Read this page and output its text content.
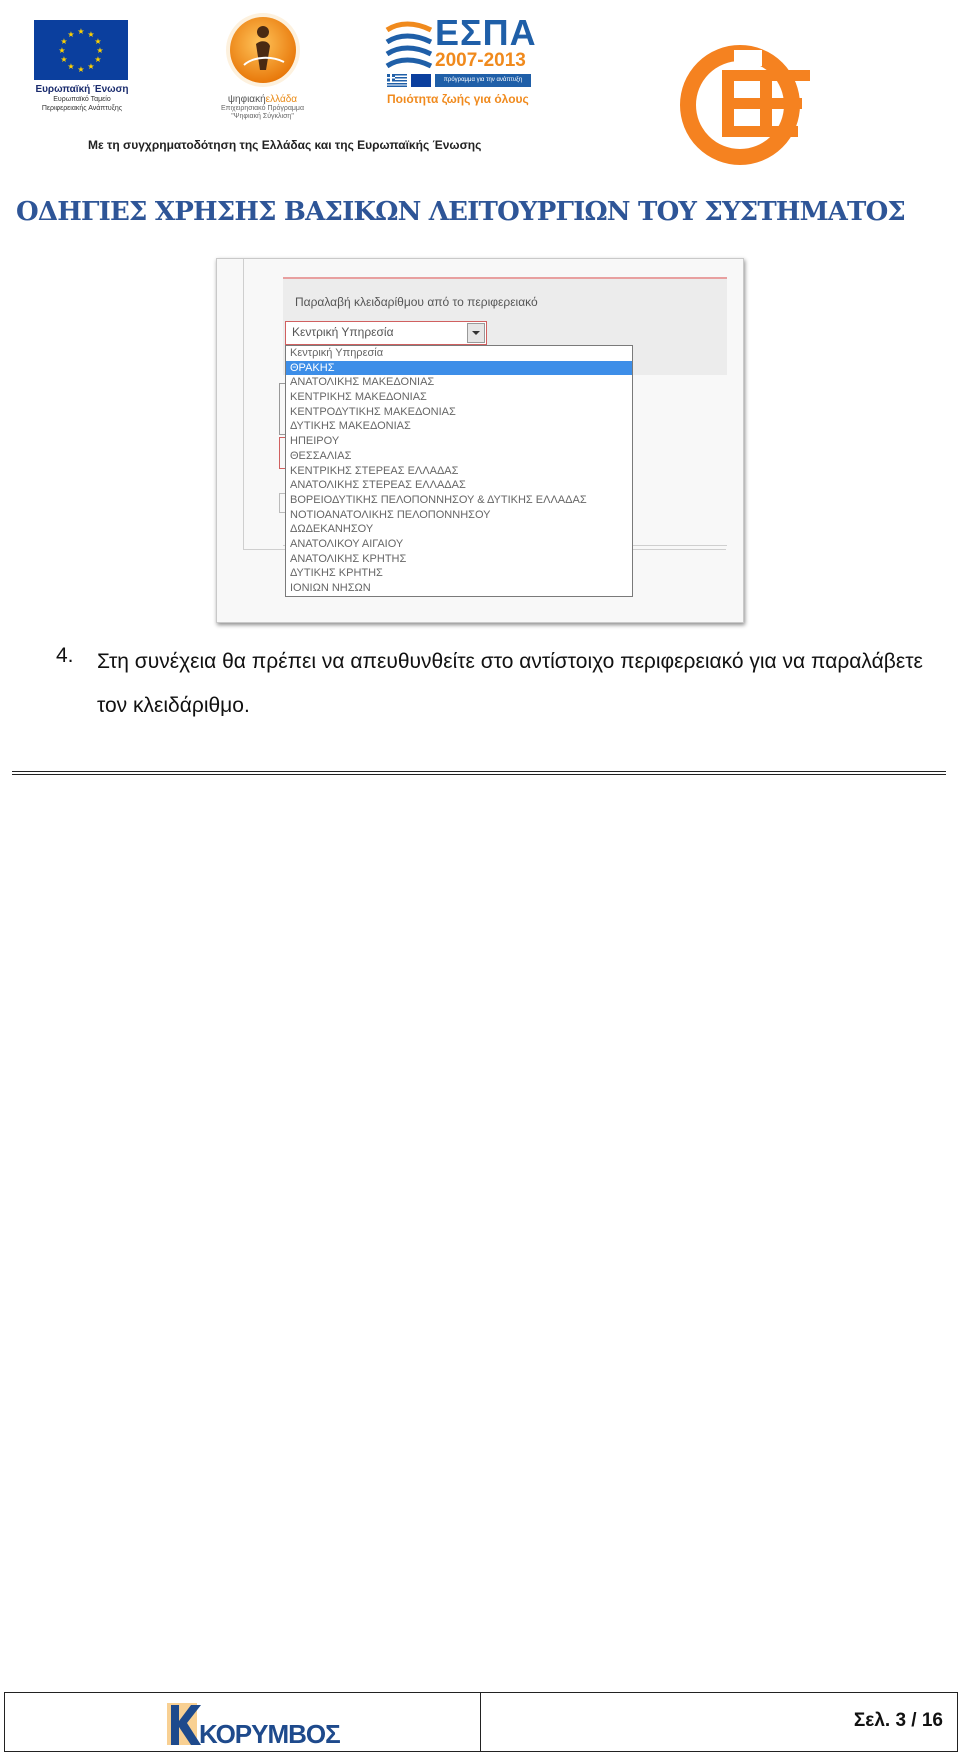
★ ★
★
★
★
★
★
★
★
★
★
★
Ευρωπαϊκή Ένωση
Ευρωπαϊκό Ταμείο
Περιφερειακής Ανάπτυξης
ψηφιακήελλάδα
Επιχειρησιακό Πρόγραμμα
"Ψηφιακή Σύγκλιση"
ΕΣΠΑ
2007-2013
πρόγραμμα για την ανάπτυξη
Ποιότητα ζωής για όλους
Με τη συγχρηματοδότηση της Ελλάδας και της Ευρωπαϊκής Ένωσης
ΟΔΗΓΙΕΣ ΧΡΗΣΗΣ ΒΑΣΙΚΩΝ ΛΕΙΤΟΥΡΓΙΩΝ ΤΟΥ ΣΥΣΤΗΜΑΤΟΣ
Παραλαβή κλειδαρίθμου από το περιφερειακό
Κεντρική Υπηρεσία
Κεντρική Υπηρεσία
ΘΡΑΚΗΣ
ΑΝΑΤΟΛΙΚΗΣ ΜΑΚΕΔΟΝΙΑΣ
ΚΕΝΤΡΙΚΗΣ ΜΑΚΕΔΟΝΙΑΣ
ΚΕΝΤΡΟΔΥΤΙΚΗΣ ΜΑΚΕΔΟΝΙΑΣ
ΔΥΤΙΚΗΣ ΜΑΚΕΔΟΝΙΑΣ
ΗΠΕΙΡΟΥ
ΘΕΣΣΑΛΙΑΣ
ΚΕΝΤΡΙΚΗΣ ΣΤΕΡΕΑΣ ΕΛΛΑΔΑΣ
ΑΝΑΤΟΛΙΚΗΣ ΣΤΕΡΕΑΣ ΕΛΛΑΔΑΣ
ΒΟΡΕΙΟΔΥΤΙΚΗΣ ΠΕΛΟΠΟΝΝΗΣΟΥ & ΔΥΤΙΚΗΣ ΕΛΛΑΔΑΣ
ΝΟΤΙΟΑΝΑΤΟΛΙΚΗΣ ΠΕΛΟΠΟΝΝΗΣΟΥ
ΔΩΔΕΚΑΝΗΣΟΥ
ΑΝΑΤΟΛΙΚΟΥ ΑΙΓΑΙΟΥ
ΑΝΑΤΟΛΙΚΗΣ ΚΡΗΤΗΣ
ΔΥΤΙΚΗΣ ΚΡΗΤΗΣ
ΙΟΝΙΩΝ ΝΗΣΩΝ
4. Στη συνέχεια θα πρέπει να απευθυνθείτε στο αντίστοιχο περιφερειακό για να παραλάβετε τον κλειδάριθμο.
ΚΟΡΥΜΒΟΣ	Σελ. 3 / 16
